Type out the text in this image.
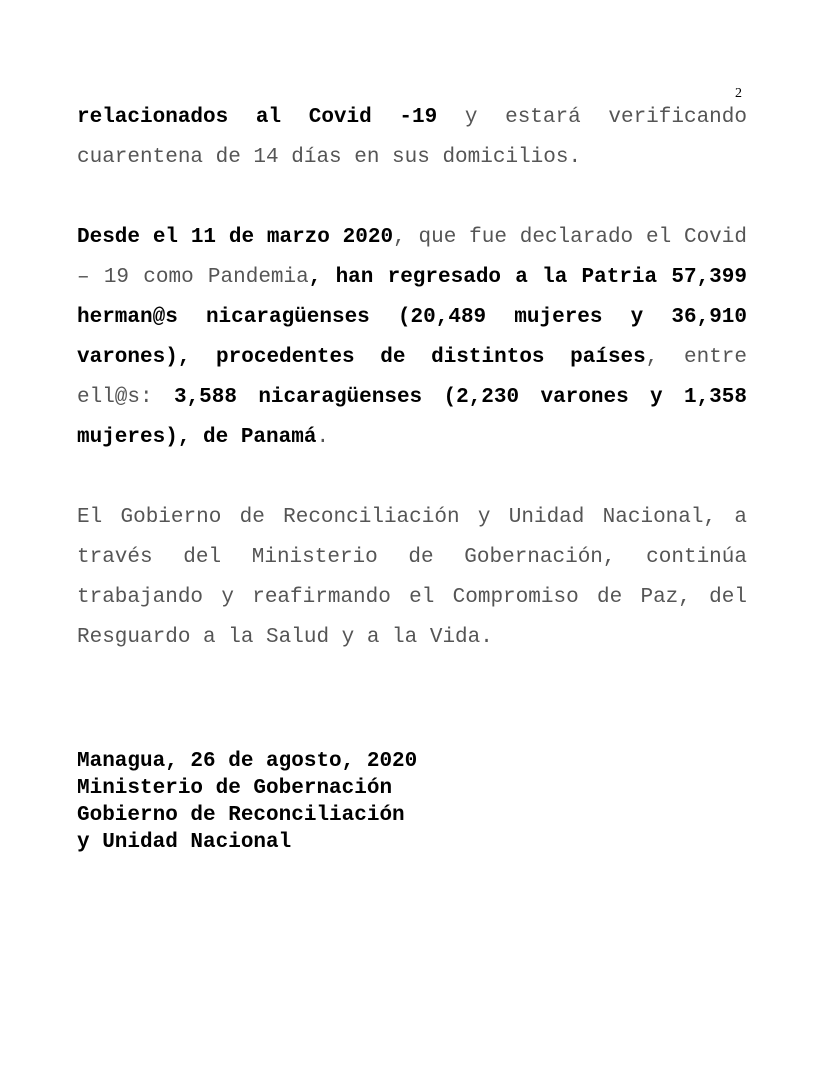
2

relacionados al Covid -19 y estará verificando cuarentena de 14 días en sus domicilios.

Desde el 11 de marzo 2020, que fue declarado el Covid – 19 como Pandemia, han regresado a la Patria 57,399 herman@s nicaragüenses (20,489 mujeres y 36,910 varones), procedentes de distintos países, entre ell@s: 3,588 nicaragüenses (2,230 varones y 1,358 mujeres), de Panamá.

El Gobierno de Reconciliación y Unidad Nacional, a través del Ministerio de Gobernación, continúa trabajando y reafirmando el Compromiso de Paz, del Resguardo a la Salud y a la Vida.

Managua, 26 de agosto, 2020
Ministerio de Gobernación
Gobierno de Reconciliación
y Unidad Nacional
